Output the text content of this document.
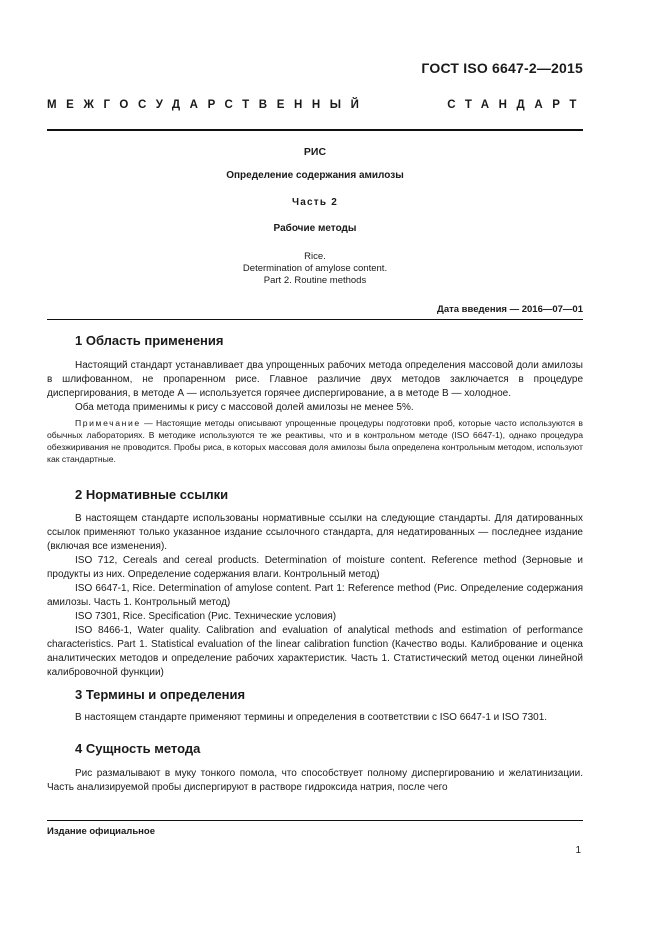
ГОСТ ISO 6647-2—2015
МЕЖГОСУДАРСТВЕННЫЙ	СТАНДАРТ
РИС
Определение содержания амилозы
Часть 2
Рабочие методы
Rice.
Determination of amylose content.
Part 2. Routine methods
Дата введения — 2016—07—01
1 Область применения

Настоящий стандарт устанавливает два упрощенных рабочих метода определения массовой доли амилозы в шлифованном, не пропаренном рисе. Главное различие двух методов заключается в процедуре диспергирования, в методе А — используется горячее диспергирование, а в методе В — холодное.

Оба метода применимы к рису с массовой долей амилозы не менее 5%.

Примечание — Настоящие методы описывают упрощенные процедуры подготовки проб, которые часто используются в обычных лабораториях. В методике используются те же реактивы, что и в контрольном методе (ISO 6647-1), однако процедура обезжиривания не проводится. Пробы риса, в которых массовая доля амилозы была определена контрольным методом, используют как стандартные.

2 Нормативные ссылки

В настоящем стандарте использованы нормативные ссылки на следующие стандарты. Для датированных ссылок применяют только указанное издание ссылочного стандарта, для недатированных — последнее издание (включая все изменения).

ISO 712, Cereals and cereal products. Determination of moisture content. Reference method (Зерновые и продукты из них. Определение содержания влаги. Контрольный метод)

ISO 6647-1, Rice. Determination of amylose content. Part 1: Reference method (Рис. Определение содержания амилозы. Часть 1. Контрольный метод)

ISO 7301, Rice. Specification (Рис. Технические условия)

ISO 8466-1, Water quality. Calibration and evaluation of analytical methods and estimation of performance characteristics. Part 1. Statistical evaluation of the linear calibration function (Качество воды. Калибрование и оценка аналитических методов и определение рабочих характеристик. Часть 1. Статистический метод оценки линейной калибровочной функции)

3 Термины и определения

В настоящем стандарте применяют термины и определения в соответствии с ISO 6647-1 и ISO 7301.

4 Сущность метода

Рис размалывают в муку тонкого помола, что способствует полному диспергированию и желатинизации. Часть анализируемой пробы диспергируют в растворе гидроксида натрия, после чего

Издание официальное
1
